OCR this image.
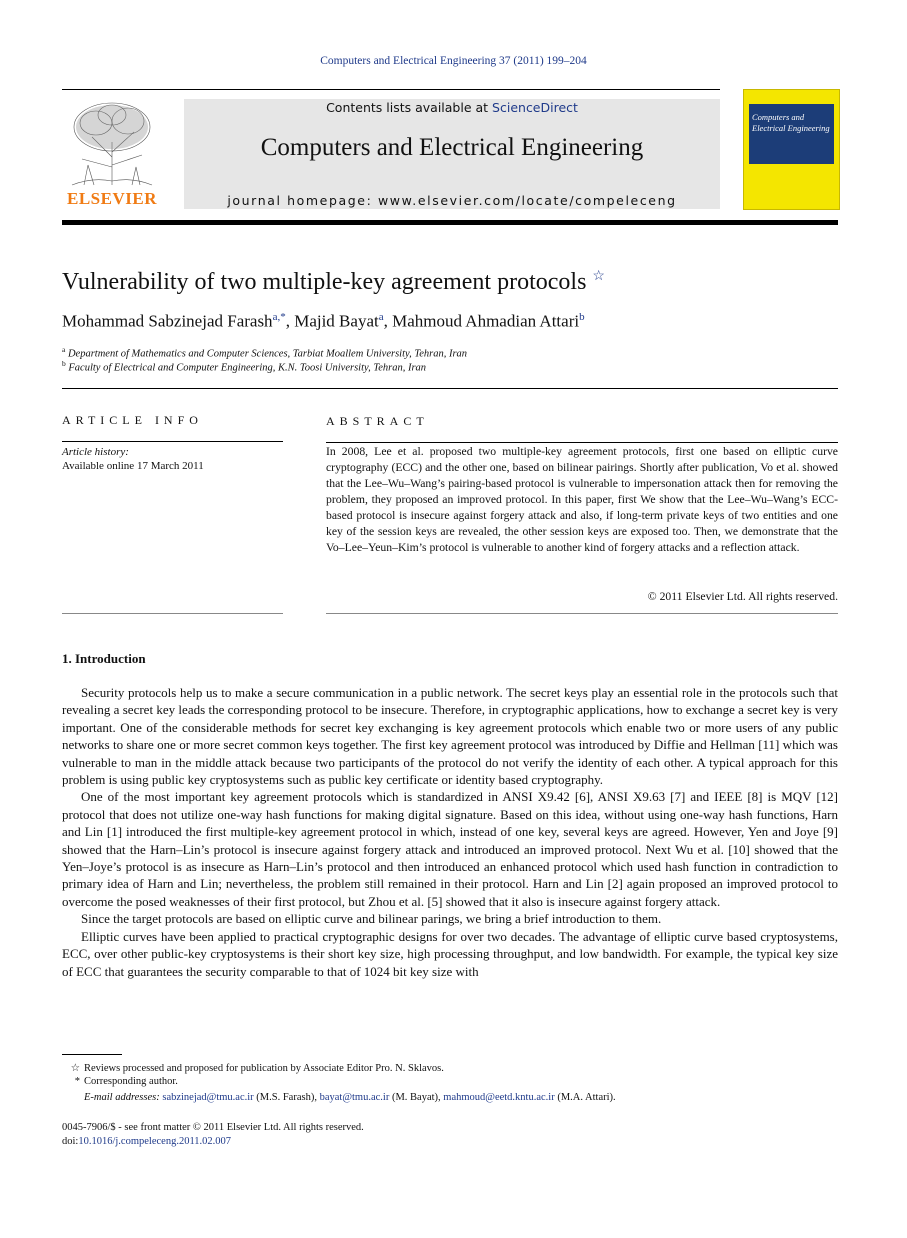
Computers and Electrical Engineering 37 (2011) 199–204
ELSEVIER
Contents lists available at ScienceDirect
Computers and Electrical Engineering
journal homepage: www.elsevier.com/locate/compeleceng
Computers and
Electrical Engineering
Vulnerability of two multiple-key agreement protocols ☆
Mohammad Sabzinejad Farash$^{a,*}$, Majid Bayat$^a$, Mahmoud Ahmadian Attari$^b$
$^a$ Department of Mathematics and Computer Sciences, Tarbiat Moallem University, Tehran, Iran
$^b$ Faculty of Electrical and Computer Engineering, K.N. Toosi University, Tehran, Iran
ARTICLE INFO
Article history:
Available online 17 March 2011
ABSTRACT
In 2008, Lee et al. proposed two multiple-key agreement protocols, first one based on elliptic curve cryptography (ECC) and the other one, based on bilinear pairings. Shortly after publication, Vo et al. showed that the Lee–Wu–Wang’s pairing-based protocol is vulnerable to impersonation attack then for removing the problem, they proposed an improved protocol. In this paper, first We show that the Lee–Wu–Wang’s ECC-based protocol is insecure against forgery attack and also, if long-term private keys of two entities and one key of the session keys are revealed, the other session keys are exposed too. Then, we demonstrate that the Vo–Lee–Yeun–Kim’s protocol is vulnerable to another kind of forgery attacks and a reflection attack.
© 2011 Elsevier Ltd. All rights reserved.
1. Introduction

Security protocols help us to make a secure communication in a public network. The secret keys play an essential role in the protocols such that revealing a secret key leads the corresponding protocol to be insecure. Therefore, in cryptographic applications, how to exchange a secret key is very important. One of the considerable methods for secret key exchanging is key agreement protocols which enable two or more users of any public networks to share one or more secret common keys together. The first key agreement protocol was introduced by Diffie and Hellman [11] which was vulnerable to man in the middle attack because two participants of the protocol do not verify the identity of each other. A typical approach for this problem is using public key cryptosystems such as public key certificate or identity based cryptography.

One of the most important key agreement protocols which is standardized in ANSI X9.42 [6], ANSI X9.63 [7] and IEEE [8] is MQV [12] protocol that does not utilize one-way hash functions for making digital signature. Based on this idea, without using one-way hash functions, Harn and Lin [1] introduced the first multiple-key agreement protocol in which, instead of one key, several keys are agreed. However, Yen and Joye [9] showed that the Harn–Lin’s protocol is insecure against forgery attack and introduced an improved protocol. Next Wu et al. [10] showed that the Yen–Joye’s protocol is as insecure as Harn–Lin’s protocol and then introduced an enhanced protocol which used hash function in contradiction to primary idea of Harn and Lin; nevertheless, the problem still remained in their protocol. Harn and Lin [2] again proposed an improved protocol to overcome the posed weaknesses of their first protocol, but Zhou et al. [5] showed that it also is insecure against forgery attack.

Since the target protocols are based on elliptic curve and bilinear parings, we bring a brief introduction to them.

Elliptic curves have been applied to practical cryptographic designs for over two decades. The advantage of elliptic curve based cryptosystems, ECC, over other public-key cryptosystems is their short key size, high processing throughput, and low bandwidth. For example, the typical key size of ECC that guarantees the security comparable to that of 1024 bit key size with

☆ Reviews processed and proposed for publication by Associate Editor Pro. N. Sklavos.
* Corresponding author.
E-mail addresses: sabzinejad@tmu.ac.ir (M.S. Farash), bayat@tmu.ac.ir (M. Bayat), mahmoud@eetd.kntu.ac.ir (M.A. Attari).
0045-7906/$ - see front matter © 2011 Elsevier Ltd. All rights reserved.
doi:10.1016/j.compeleceng.2011.02.007
